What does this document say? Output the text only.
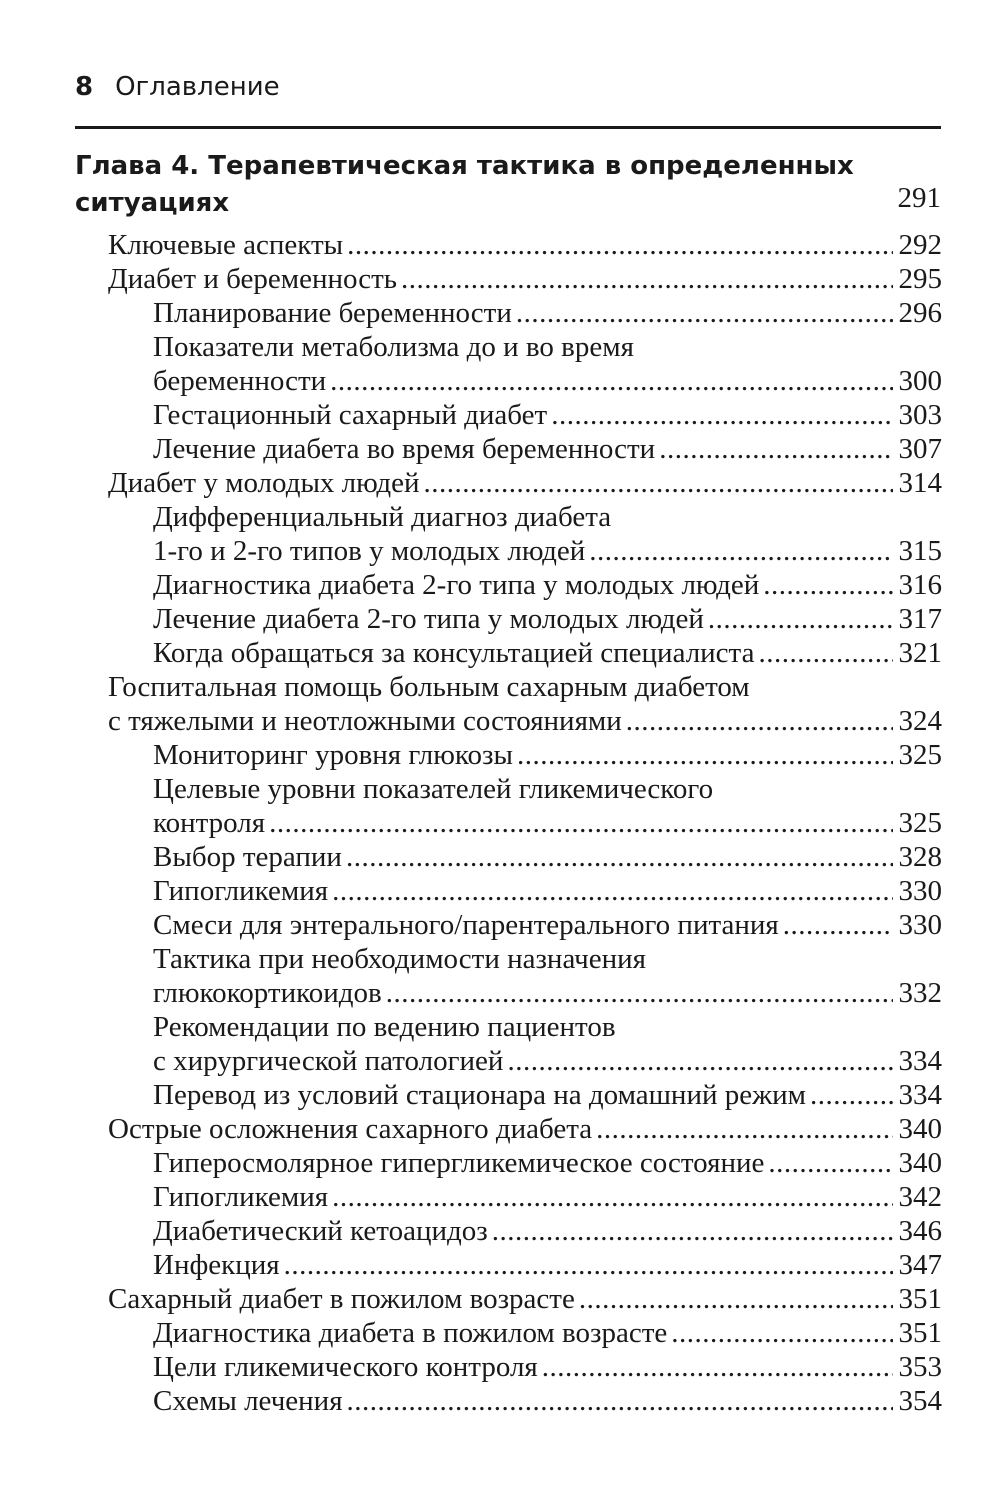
8 Оглавление
Глава 4. Терапевтическая тактика в определенных ситуациях	291
Ключевые аспекты .....	292
Диабет и беременность .....	295
Планирование беременности .....	296
Показатели метаболизма до и во время
беременности .....	300
Гестационный сахарный диабет .....	303
Лечение диабета во время беременности .....	307
Диабет у молодых людей .....	314
Дифференциальный диагноз диабета
1-го и 2-го типов у молодых людей .....	315
Диагностика диабета 2-го типа у молодых людей .....	316
Лечение диабета 2-го типа у молодых людей .....	317
Когда обращаться за консультацией специалиста .....	321
Госпитальная помощь больным сахарным диабетом
с тяжелыми и неотложными состояниями .....	324
Мониторинг уровня глюкозы .....	325
Целевые уровни показателей гликемического
контроля .....	325
Выбор терапии .....	328
Гипогликемия .....	330
Смеси для энтерального/парентерального питания .....	330
Тактика при необходимости назначения
глюкокортикоидов .....	332
Рекомендации по ведению пациентов
с хирургической патологией .....	334
Перевод из условий стационара на домашний режим .....	334
Острые осложнения сахарного диабета .....	340
Гиперосмолярное гипергликемическое состояние .....	340
Гипогликемия .....	342
Диабетический кетоацидоз .....	346
Инфекция .....	347
Сахарный диабет в пожилом возрасте .....	351
Диагностика диабета в пожилом возрасте .....	351
Цели гликемического контроля .....	353
Схемы лечения .....	354
